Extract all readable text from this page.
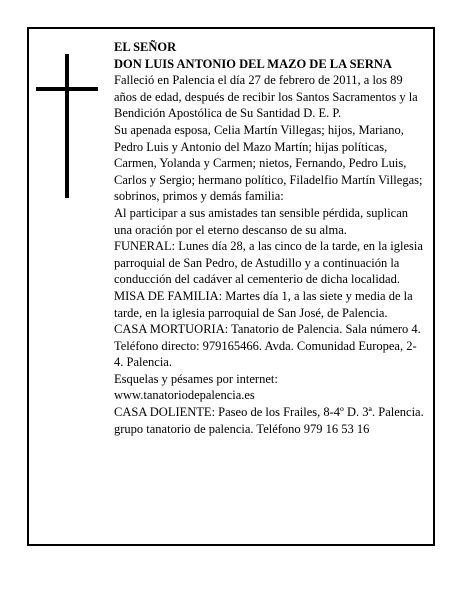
EL SEÑOR

DON LUIS ANTONIO DEL MAZO DE LA SERNA

Falleció en Palencia el día 27 de febrero de 2011, a los 89 años de edad, después de recibir los Santos Sacramentos y la Bendición Apostólica de Su Santidad D. E. P.

Su apenada esposa, Celia Martín Villegas; hijos, Mariano, Pedro Luis y Antonio del Mazo Martín; hijas políticas, Carmen, Yolanda y Carmen; nietos, Fernando, Pedro Luis, Carlos y Sergio; hermano político, Filadelfio Martín Villegas; sobrinos, primos y demás familia:

Al participar a sus amistades tan sensible pérdida, suplican una oración por el eterno descanso de su alma.

FUNERAL: Lunes día 28, a las cinco de la tarde, en la iglesia parroquial de San Pedro, de Astudillo y a continuación la conducción del cadáver al cementerio de dicha localidad.

MISA DE FAMILIA: Martes día 1, a las siete y media de la tarde, en la iglesia parroquial de San José, de Palencia.

CASA MORTUORIA: Tanatorio de Palencia. Sala número 4. Teléfono directo: 979165466. Avda. Comunidad Europea, 2-4. Palencia.

Esquelas y pésames por internet:

www.tanatoriodepalencia.es

CASA DOLIENTE: Paseo de los Frailes, 8-4º D. 3ª. Palencia.

grupo tanatorio de palencia. Teléfono 979 16 53 16
